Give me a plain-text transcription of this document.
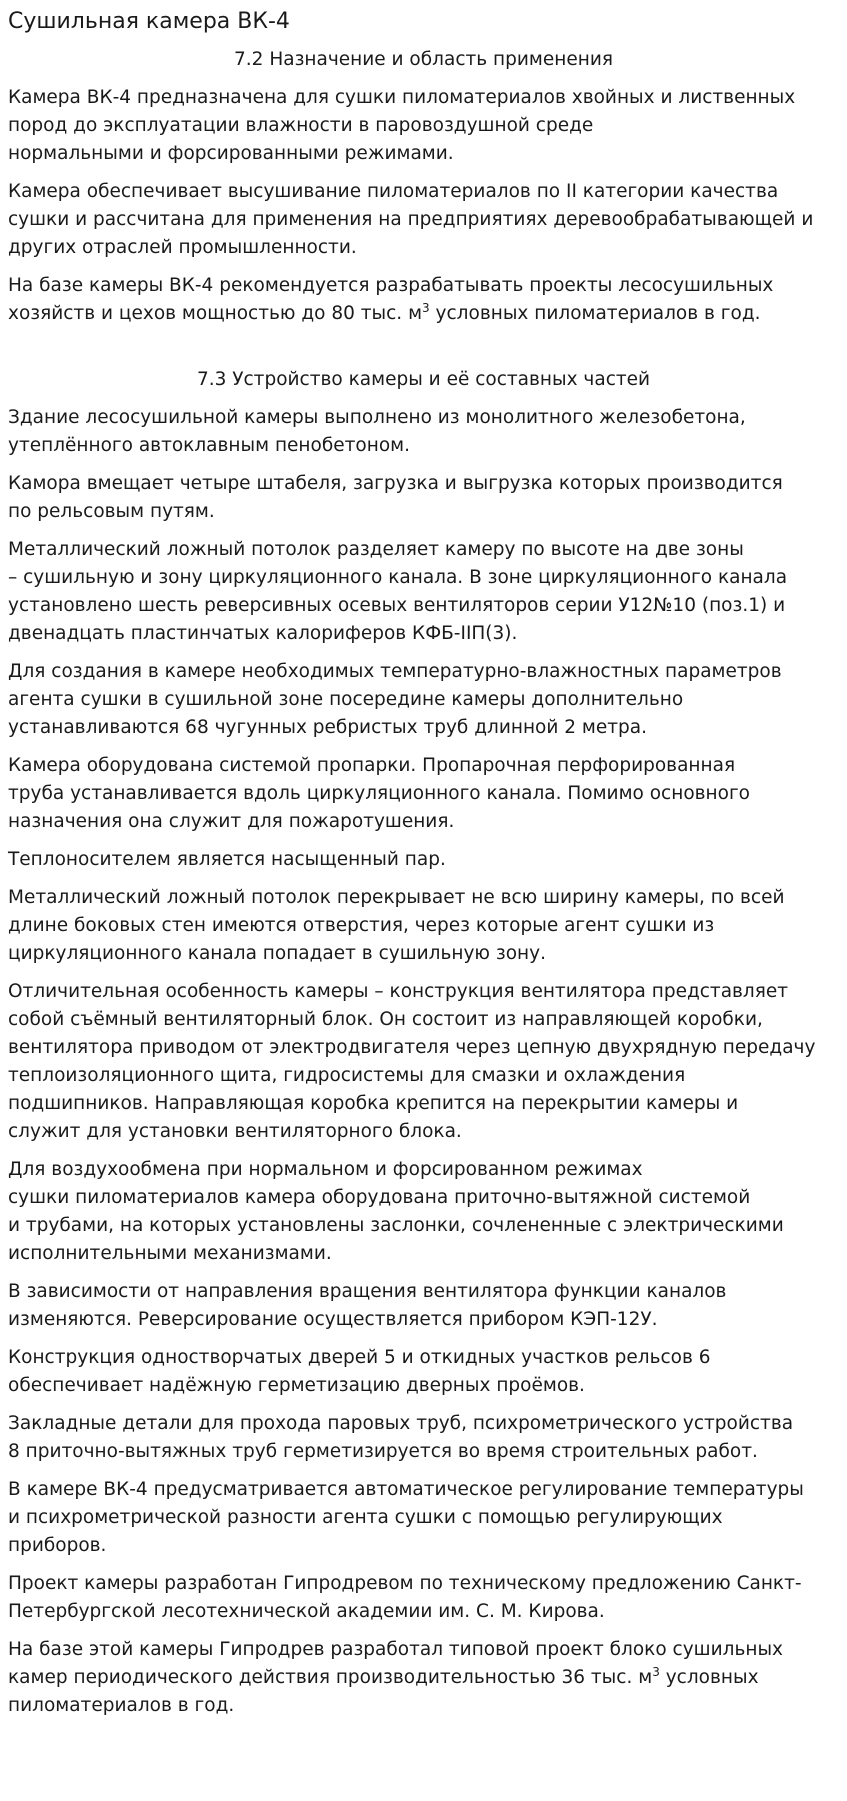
Сушильная камера ВК-4
7.2 Назначение и область применения

Камера ВК-4 предназначена для сушки пиломатериалов хвойных и лиственных
пород до эксплуатации влажности в паровоздушной среде
нормальными и форсированными режимами.

Камера обеспечивает высушивание пиломатериалов по II категории качества
сушки и рассчитана для применения на предприятиях деревообрабатывающей и
других отраслей промышленности.

На базе камеры ВК-4 рекомендуется разрабатывать проекты лесосушильных
хозяйств и цехов мощностью до 80 тыс. $м^3$ условных пиломатериалов в год.

7.3 Устройство камеры и её составных частей

Здание лесосушильной камеры выполнено из монолитного железобетона,
утеплённого автоклавным пенобетоном.

Камора вмещает четыре штабеля, загрузка и выгрузка которых производится
по рельсовым путям.

Металлический ложный потолок разделяет камеру по высоте на две зоны
– сушильную и зону циркуляционного канала. В зоне циркуляционного канала
установлено шесть реверсивных осевых вентиляторов серии У12№10 (поз.1) и
двенадцать пластинчатых калориферов КФБ-IIП(3).

Для создания в камере необходимых температурно-влажностных параметров
агента сушки в сушильной зоне посередине камеры дополнительно
устанавливаются 68 чугунных ребристых труб длинной 2 метра.

Камера оборудована системой пропарки. Пропарочная перфорированная
труба устанавливается вдоль циркуляционного канала. Помимо основного
назначения она служит для пожаротушения.

Теплоносителем является насыщенный пар.

Металлический ложный потолок перекрывает не всю ширину камеры, по всей
длине боковых стен имеются отверстия, через которые агент сушки из
циркуляционного канала попадает в сушильную зону.

Отличительная особенность камеры – конструкция вентилятора представляет
собой съёмный вентиляторный блок. Он состоит из направляющей коробки,
вентилятора приводом от электродвигателя через цепную двухрядную передачу
теплоизоляционного щита, гидросистемы для смазки и охлаждения
подшипников. Направляющая коробка крепится на перекрытии камеры и
служит для установки вентиляторного блока.

Для воздухообмена при нормальном и форсированном режимах
сушки пиломатериалов камера оборудована приточно-вытяжной системой
и трубами, на которых установлены заслонки, сочлененные с электрическими
исполнительными механизмами.

В зависимости от направления вращения вентилятора функции каналов
изменяются. Реверсирование осуществляется прибором КЭП-12У.

Конструкция одностворчатых дверей 5 и откидных участков рельсов 6
обеспечивает надёжную герметизацию дверных проёмов.

Закладные детали для прохода паровых труб, психрометрического устройства
8 приточно-вытяжных труб герметизируется во время строительных работ.

В камере ВК-4 предусматривается автоматическое регулирование температуры
и психрометрической разности агента сушки с помощью регулирующих
приборов.

Проект камеры разработан Гипродревом по техническому предложению Санкт-
Петербургской лесотехнической академии им. С. М. Кирова.

На базе этой камеры Гипродрев разработал типовой проект блоко сушильных
камер периодического действия производительностью 36 тыс. $м^3$ условных
пиломатериалов в год.
